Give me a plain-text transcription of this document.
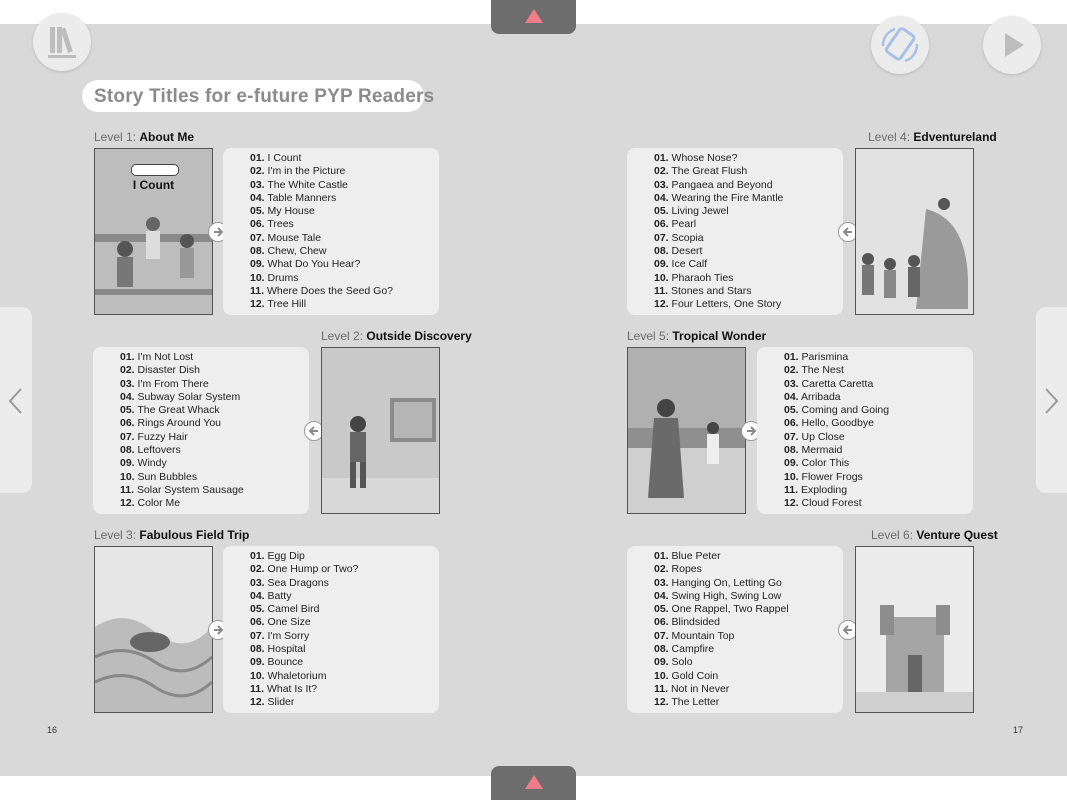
Story Titles for e-future PYP Readers
Level 1: About Me
I Count
01. I Count
02. I'm in the Picture
03. The White Castle
04. Table Manners
05. My House
06. Trees
07. Mouse Tale
08. Chew, Chew
09. What Do You Hear?
10. Drums
11. Where Does the Seed Go?
12. Tree Hill
Level 2: Outside Discovery
01. I'm Not Lost
02. Disaster Dish
03. I'm From There
04. Subway Solar System
05. The Great Whack
06. Rings Around You
07. Fuzzy Hair
08. Leftovers
09. Windy
10. Sun Bubbles
11. Solar System Sausage
12. Color Me
Level 3: Fabulous Field Trip
01. Egg Dip
02. One Hump or Two?
03. Sea Dragons
04. Batty
05. Camel Bird
06. One Size
07. I'm Sorry
08. Hospital
09. Bounce
10. Whaletorium
11. What Is It?
12. Slider
Level 4: Edventureland
01. Whose Nose?
02. The Great Flush
03. Pangaea and Beyond
04. Wearing the Fire Mantle
05. Living Jewel
06. Pearl
07. Scopia
08. Desert
09. Ice Calf
10. Pharaoh Ties
11. Stones and Stars
12. Four Letters, One Story
Level 5: Tropical Wonder
01. Parismina
02. The Nest
03. Caretta Caretta
04. Arribada
05. Coming and Going
06. Hello, Goodbye
07. Up Close
08. Mermaid
09. Color This
10. Flower Frogs
11. Exploding
12. Cloud Forest
Level 6: Venture Quest
01. Blue Peter
02. Ropes
03. Hanging On, Letting Go
04. Swing High, Swing Low
05. One Rappel, Two Rappel
06. Blindsided
07. Mountain Top
08. Campfire
09. Solo
10. Gold Coin
11. Not in Never
12. The Letter
16	17
